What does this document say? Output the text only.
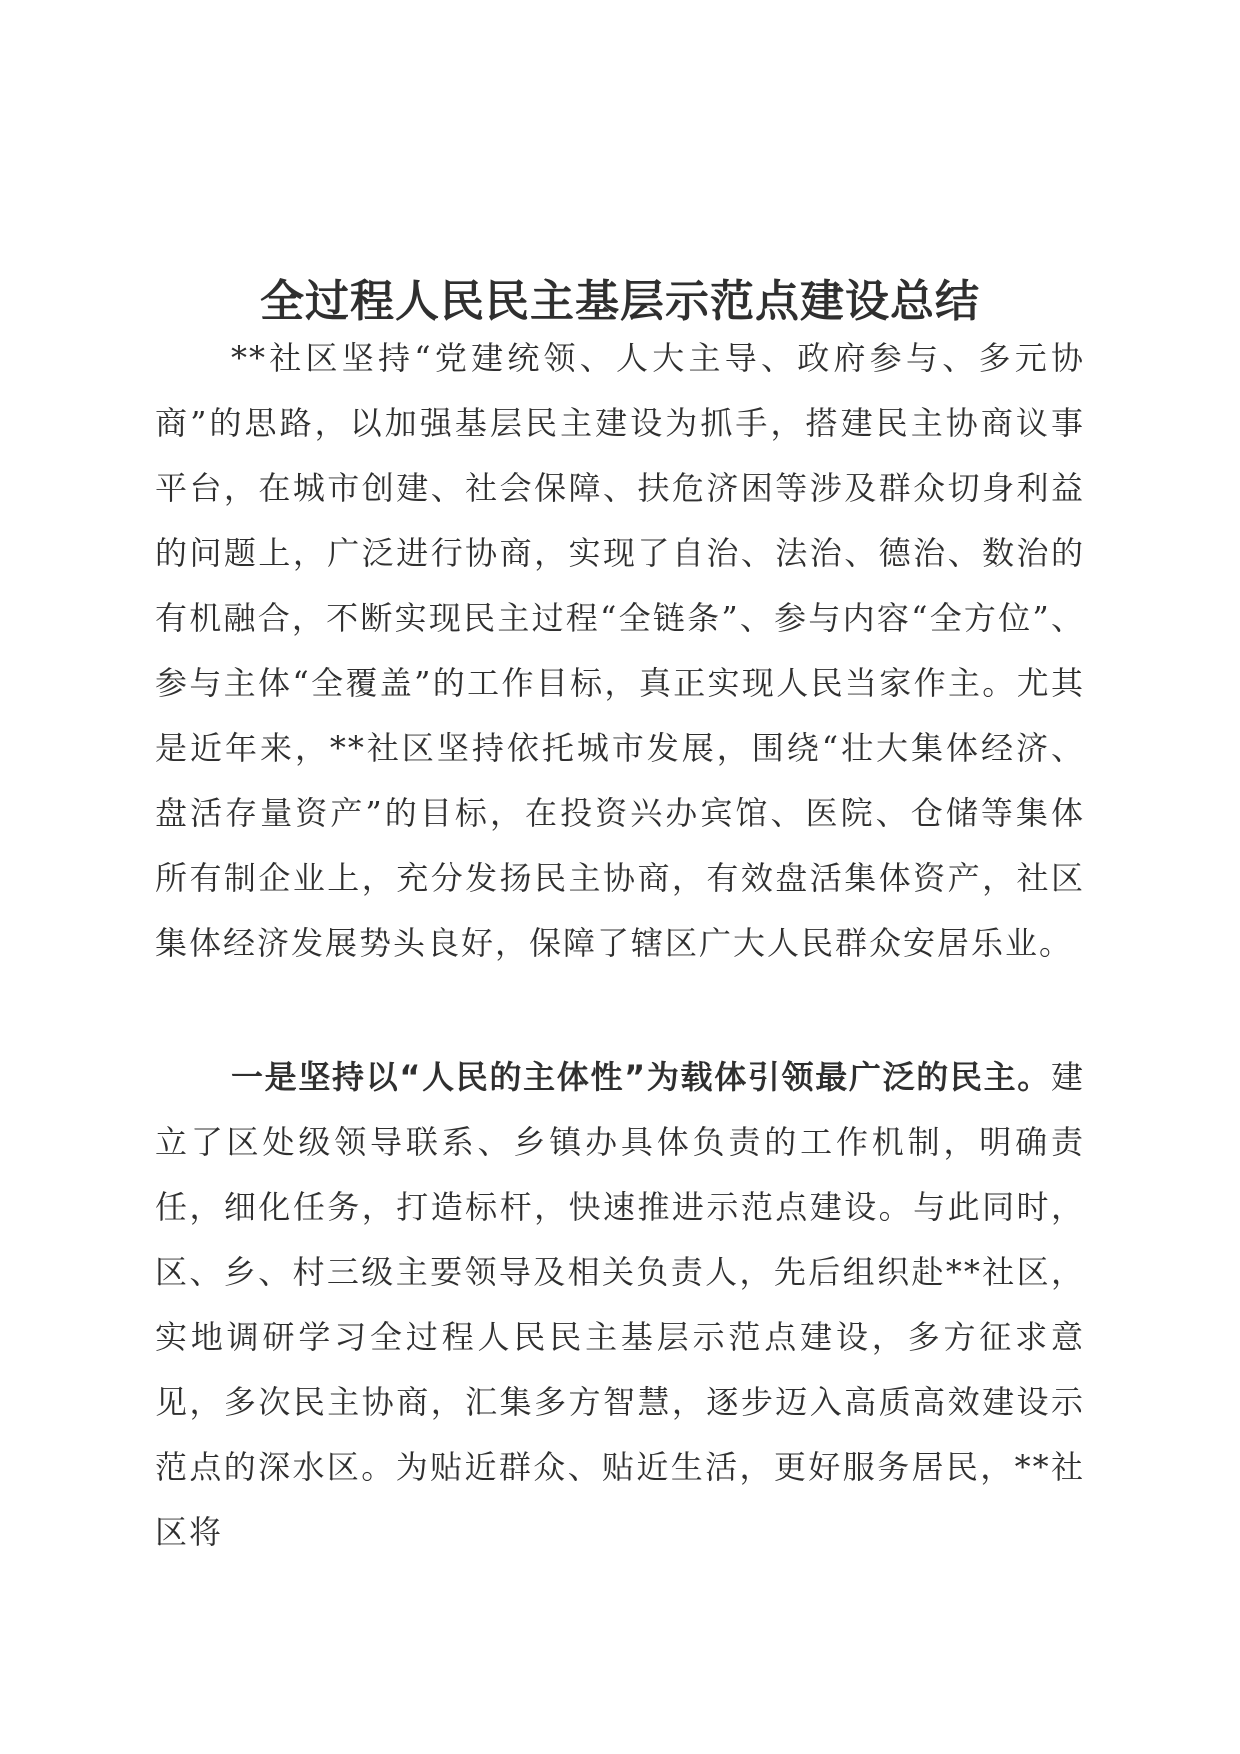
全过程人民民主基层示范点建设总结

**社区坚持“党建统领、人大主导、政府参与、多元协商”的思路，以加强基层民主建设为抓手，搭建民主协商议事平台，在城市创建、社会保障、扶危济困等涉及群众切身利益的问题上，广泛进行协商，实现了自治、法治、德治、数治的有机融合，不断实现民主过程“全链条”、参与内容“全方位”、参与主体“全覆盖”的工作目标，真正实现人民当家作主。尤其是近年来，**社区坚持依托城市发展，围绕“壮大集体经济、盘活存量资产”的目标，在投资兴办宾馆、医院、仓储等集体所有制企业上，充分发扬民主协商，有效盘活集体资产，社区集体经济发展势头良好，保障了辖区广大人民群众安居乐业。

一是坚持以“人民的主体性”为载体引领最广泛的民主。建立了区处级领导联系、乡镇办具体负责的工作机制，明确责任，细化任务，打造标杆，快速推进示范点建设。与此同时，区、乡、村三级主要领导及相关负责人，先后组织赴**社区，实地调研学习全过程人民民主基层示范点建设，多方征求意见，多次民主协商，汇集多方智慧，逐步迈入高质高效建设示范点的深水区。为贴近群众、贴近生活，更好服务居民，**社区将
